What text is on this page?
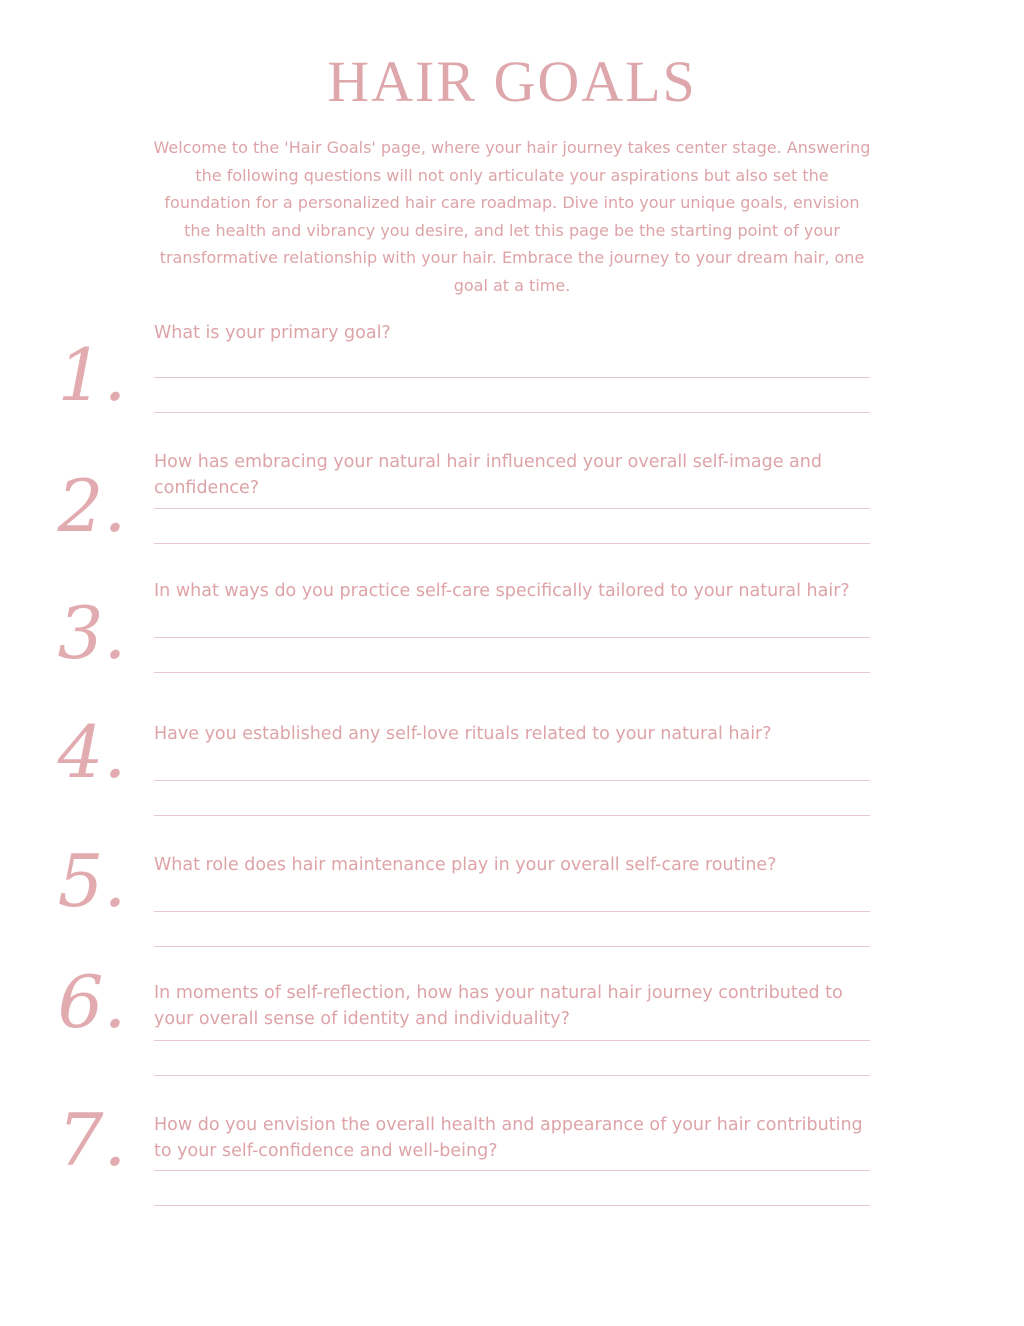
HAIR GOALS
Welcome to the 'Hair Goals' page, where your hair journey takes center stage. Answering the following questions will not only articulate your aspirations but also set the foundation for a personalized hair care roadmap. Dive into your unique goals, envision the health and vibrancy you desire, and let this page be the starting point of your transformative relationship with your hair. Embrace the journey to your dream hair, one goal at a time.
1.	What is your primary goal?
2.
How has embracing your natural hair influenced your overall self-image and confidence?
3.	In what ways do you practice self-care specifically tailored to your natural hair?
4.	Have you established any self-love rituals related to your natural hair?
5.	What role does hair maintenance play in your overall self-care routine?
6.	In moments of self-reflection, how has your natural hair journey contributed to your overall sense of identity and individuality?
7.	How do you envision the overall health and appearance of your hair contributing to your self-confidence and well-being?
